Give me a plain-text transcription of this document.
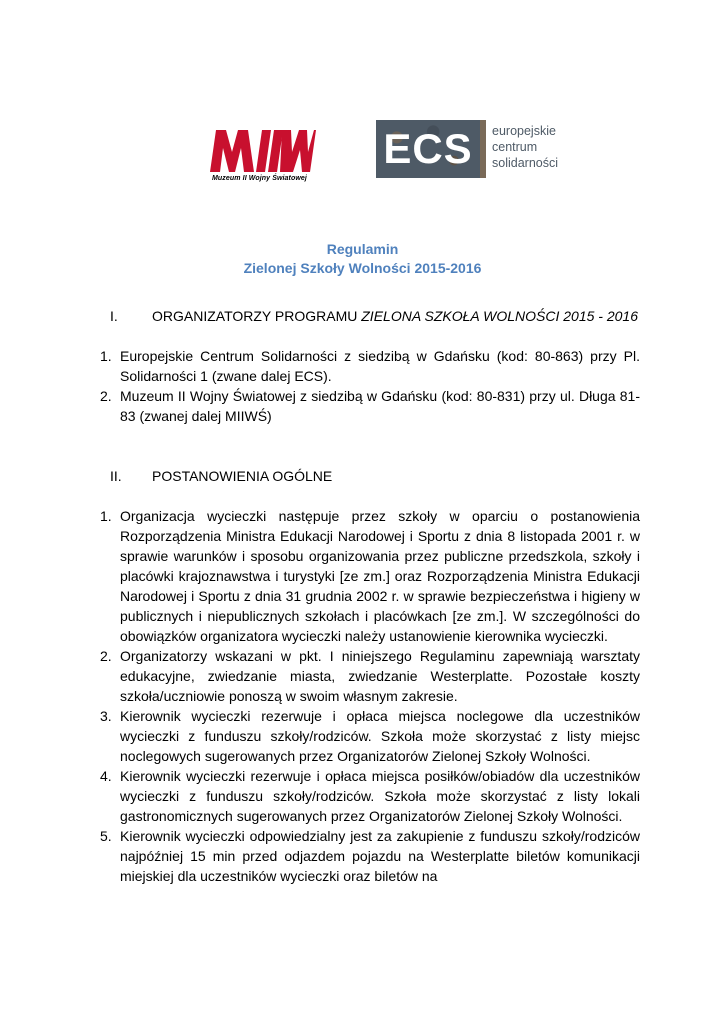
Muzeum II Wojny Światowej
ECS	europejskie
centrum
solidarności
Regulamin
Zielonej Szkoły Wolności 2015-2016
I.	ORGANIZATORZY PROGRAMU ZIELONA SZKOŁA WOLNOŚCI 2015 - 2016
1. Europejskie Centrum Solidarności z siedzibą w Gdańsku (kod: 80-863) przy Pl. Solidarności 1 (zwane dalej ECS).
2. Muzeum II Wojny Światowej z siedzibą w Gdańsku (kod: 80-831) przy ul. Długa 81-83 (zwanej dalej MIIWŚ)
II.	POSTANOWIENIA OGÓLNE
1. Organizacja wycieczki następuje przez szkoły w oparciu o postanowienia Rozporządzenia Ministra Edukacji Narodowej i Sportu z dnia 8 listopada 2001 r. w sprawie warunków i sposobu organizowania przez publiczne przedszkola, szkoły i placówki krajoznawstwa i turystyki [ze zm.] oraz Rozporządzenia Ministra Edukacji Narodowej i Sportu z dnia 31 grudnia 2002 r. w sprawie bezpieczeństwa i higieny w publicznych i niepublicznych szkołach i placówkach [ze zm.]. W szczególności do obowiązków organizatora wycieczki należy ustanowienie kierownika wycieczki.
2. Organizatorzy wskazani w pkt. I niniejszego Regulaminu zapewniają warsztaty edukacyjne, zwiedzanie miasta, zwiedzanie Westerplatte. Pozostałe koszty szkoła/uczniowie ponoszą w swoim własnym zakresie.
3. Kierownik wycieczki rezerwuje i opłaca miejsca noclegowe dla uczestników wycieczki z funduszu szkoły/rodziców. Szkoła może skorzystać z listy miejsc noclegowych sugerowanych przez Organizatorów Zielonej Szkoły Wolności.
4. Kierownik wycieczki rezerwuje i opłaca miejsca posiłków/obiadów dla uczestników wycieczki z funduszu szkoły/rodziców. Szkoła może skorzystać z listy lokali gastronomicznych sugerowanych przez Organizatorów Zielonej Szkoły Wolności.
5. Kierownik wycieczki odpowiedzialny jest za zakupienie z funduszu szkoły/rodziców najpóźniej 15 min przed odjazdem pojazdu na Westerplatte biletów komunikacji miejskiej dla uczestników wycieczki oraz biletów na
